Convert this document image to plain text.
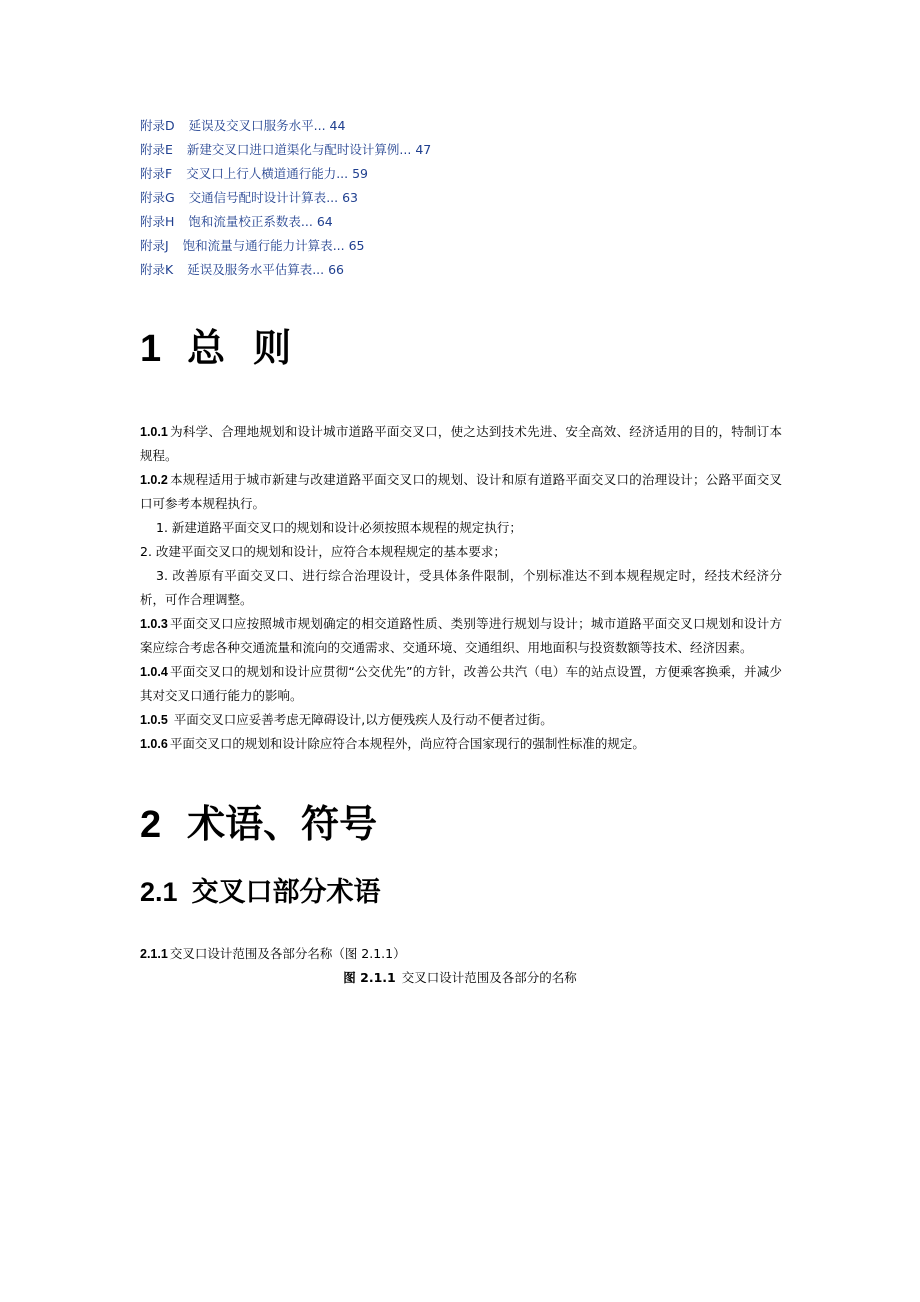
附录D 延误及交叉口服务水平... 44
附录E 新建交叉口进口道渠化与配时设计算例... 47
附录F 交叉口上行人横道通行能力... 59
附录G 交通信号配时设计计算表... 63
附录H 饱和流量校正系数表... 64
附录J 饱和流量与通行能力计算表... 65
附录K 延误及服务水平估算表... 66
1 总则

1.0.1 为科学、合理地规划和设计城市道路平面交叉口，使之达到技术先进、安全高效、经济适用的目的，特制订本规程。

1.0.2 本规程适用于城市新建与改建道路平面交叉口的规划、设计和原有道路平面交叉口的治理设计；公路平面交叉口可参考本规程执行。

1. 新建道路平面交叉口的规划和设计必须按照本规程的规定执行；

2. 改建平面交叉口的规划和设计，应符合本规程规定的基本要求；

3. 改善原有平面交叉口、进行综合治理设计，受具体条件限制，个别标准达不到本规程规定时，经技术经济分析，可作合理调整。

1.0.3 平面交叉口应按照城市规划确定的相交道路性质、类别等进行规划与设计；城市道路平面交叉口规划和设计方案应综合考虑各种交通流量和流向的交通需求、交通环境、交通组织、用地面积与投资数额等技术、经济因素。

1.0.4 平面交叉口的规划和设计应贯彻“公交优先”的方针，改善公共汽（电）车的站点设置，方便乘客换乘，并减少其对交叉口通行能力的影响。

1.0.5 平面交叉口应妥善考虑无障碍设计,以方便残疾人及行动不便者过街。

1.0.6 平面交叉口的规划和设计除应符合本规程外，尚应符合国家现行的强制性标准的规定。

2 术语、符号
2.1 交叉口部分术语
2.1.1 交叉口设计范围及各部分名称（图 2.1.1）
图 2.1.1 交叉口设计范围及各部分的名称
